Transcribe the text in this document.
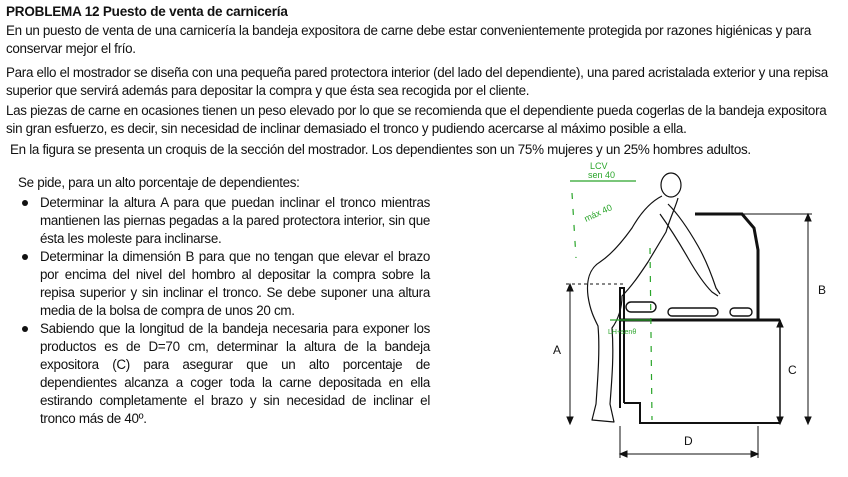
PROBLEMA 12 Puesto de venta de carnicería
En un puesto de venta de una carnicería la bandeja expositora de carne debe estar convenientemente protegida por razones higiénicas y para conservar mejor el frío.
Para ello el mostrador se diseña con una pequeña pared protectora interior (del lado del dependiente), una pared acristalada exterior y una repisa superior que servirá además para depositar la compra y que ésta sea recogida por el cliente.
Las piezas de carne en ocasiones tienen un peso elevado por lo que se recomienda que el dependiente pueda cogerlas de la bandeja expositora sin gran esfuerzo, es decir, sin necesidad de inclinar demasiado el tronco y pudiendo acercarse al máximo posible a ella.
En la figura se presenta un croquis de la sección del mostrador. Los dependientes son un 75% mujeres y un 25% hombres adultos.
Se pide, para un alto porcentaje de dependientes:
Determinar la altura A para que puedan inclinar el tronco mientras mantienen las piernas pegadas a la pared protectora interior, sin que ésta les moleste para inclinarse.
Determinar la dimensión B para que no tengan que elevar el brazo por encima del nivel del hombro al depositar la compra sobre la repisa superior y sin inclinar el tronco. Se debe suponer una altura media de la bolsa de compra de unos 20 cm.
Sabiendo que la longitud de la bandeja necesaria para exponer los productos es de D=70 cm, determinar la altura de la bandeja expositora (C) para asegurar que un alto porcentaje de dependientes alcanza a coger toda la carne depositada en ella estirando completamente el brazo y sin necesidad de inclinar el tronco más de 40º.
LCV
sen 40
máx 40
LH+senθ
A
B
C
D
